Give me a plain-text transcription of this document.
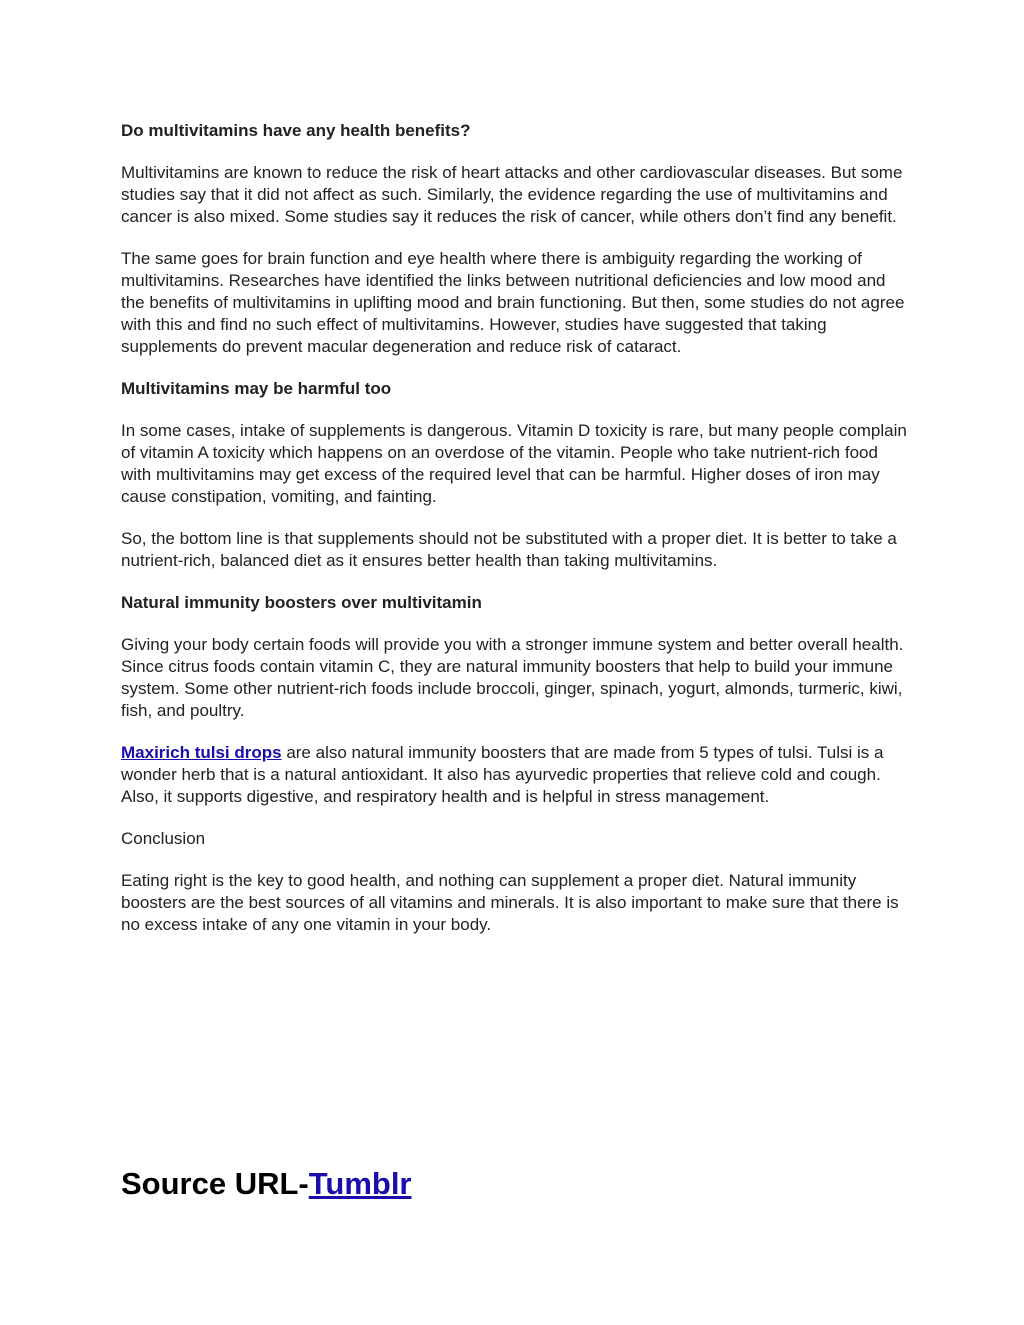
Do multivitamins have any health benefits?

Multivitamins are known to reduce the risk of heart attacks and other cardiovascular diseases. But some studies say that it did not affect as such. Similarly, the evidence regarding the use of multivitamins and cancer is also mixed. Some studies say it reduces the risk of cancer, while others don’t find any benefit.

The same goes for brain function and eye health where there is ambiguity regarding the working of multivitamins. Researches have identified the links between nutritional deficiencies and low mood and the benefits of multivitamins in uplifting mood and brain functioning. But then, some studies do not agree with this and find no such effect of multivitamins. However, studies have suggested that taking supplements do prevent macular degeneration and reduce risk of cataract.

Multivitamins may be harmful too

In some cases, intake of supplements is dangerous. Vitamin D toxicity is rare, but many people complain of vitamin A toxicity which happens on an overdose of the vitamin. People who take nutrient-rich food with multivitamins may get excess of the required level that can be harmful. Higher doses of iron may cause constipation, vomiting, and fainting.

So, the bottom line is that supplements should not be substituted with a proper diet. It is better to take a nutrient-rich, balanced diet as it ensures better health than taking multivitamins.

Natural immunity boosters over multivitamin

Giving your body certain foods will provide you with a stronger immune system and better overall health. Since citrus foods contain vitamin C, they are natural immunity boosters that help to build your immune system. Some other nutrient-rich foods include broccoli, ginger, spinach, yogurt, almonds, turmeric, kiwi, fish, and poultry.

Maxirich tulsi drops are also natural immunity boosters that are made from 5 types of tulsi. Tulsi is a wonder herb that is a natural antioxidant. It also has ayurvedic properties that relieve cold and cough. Also, it supports digestive, and respiratory health and is helpful in stress management.

Conclusion

Eating right is the key to good health, and nothing can supplement a proper diet. Natural immunity boosters are the best sources of all vitamins and minerals. It is also important to make sure that there is no excess intake of any one vitamin in your body.

Source URL-Tumblr
